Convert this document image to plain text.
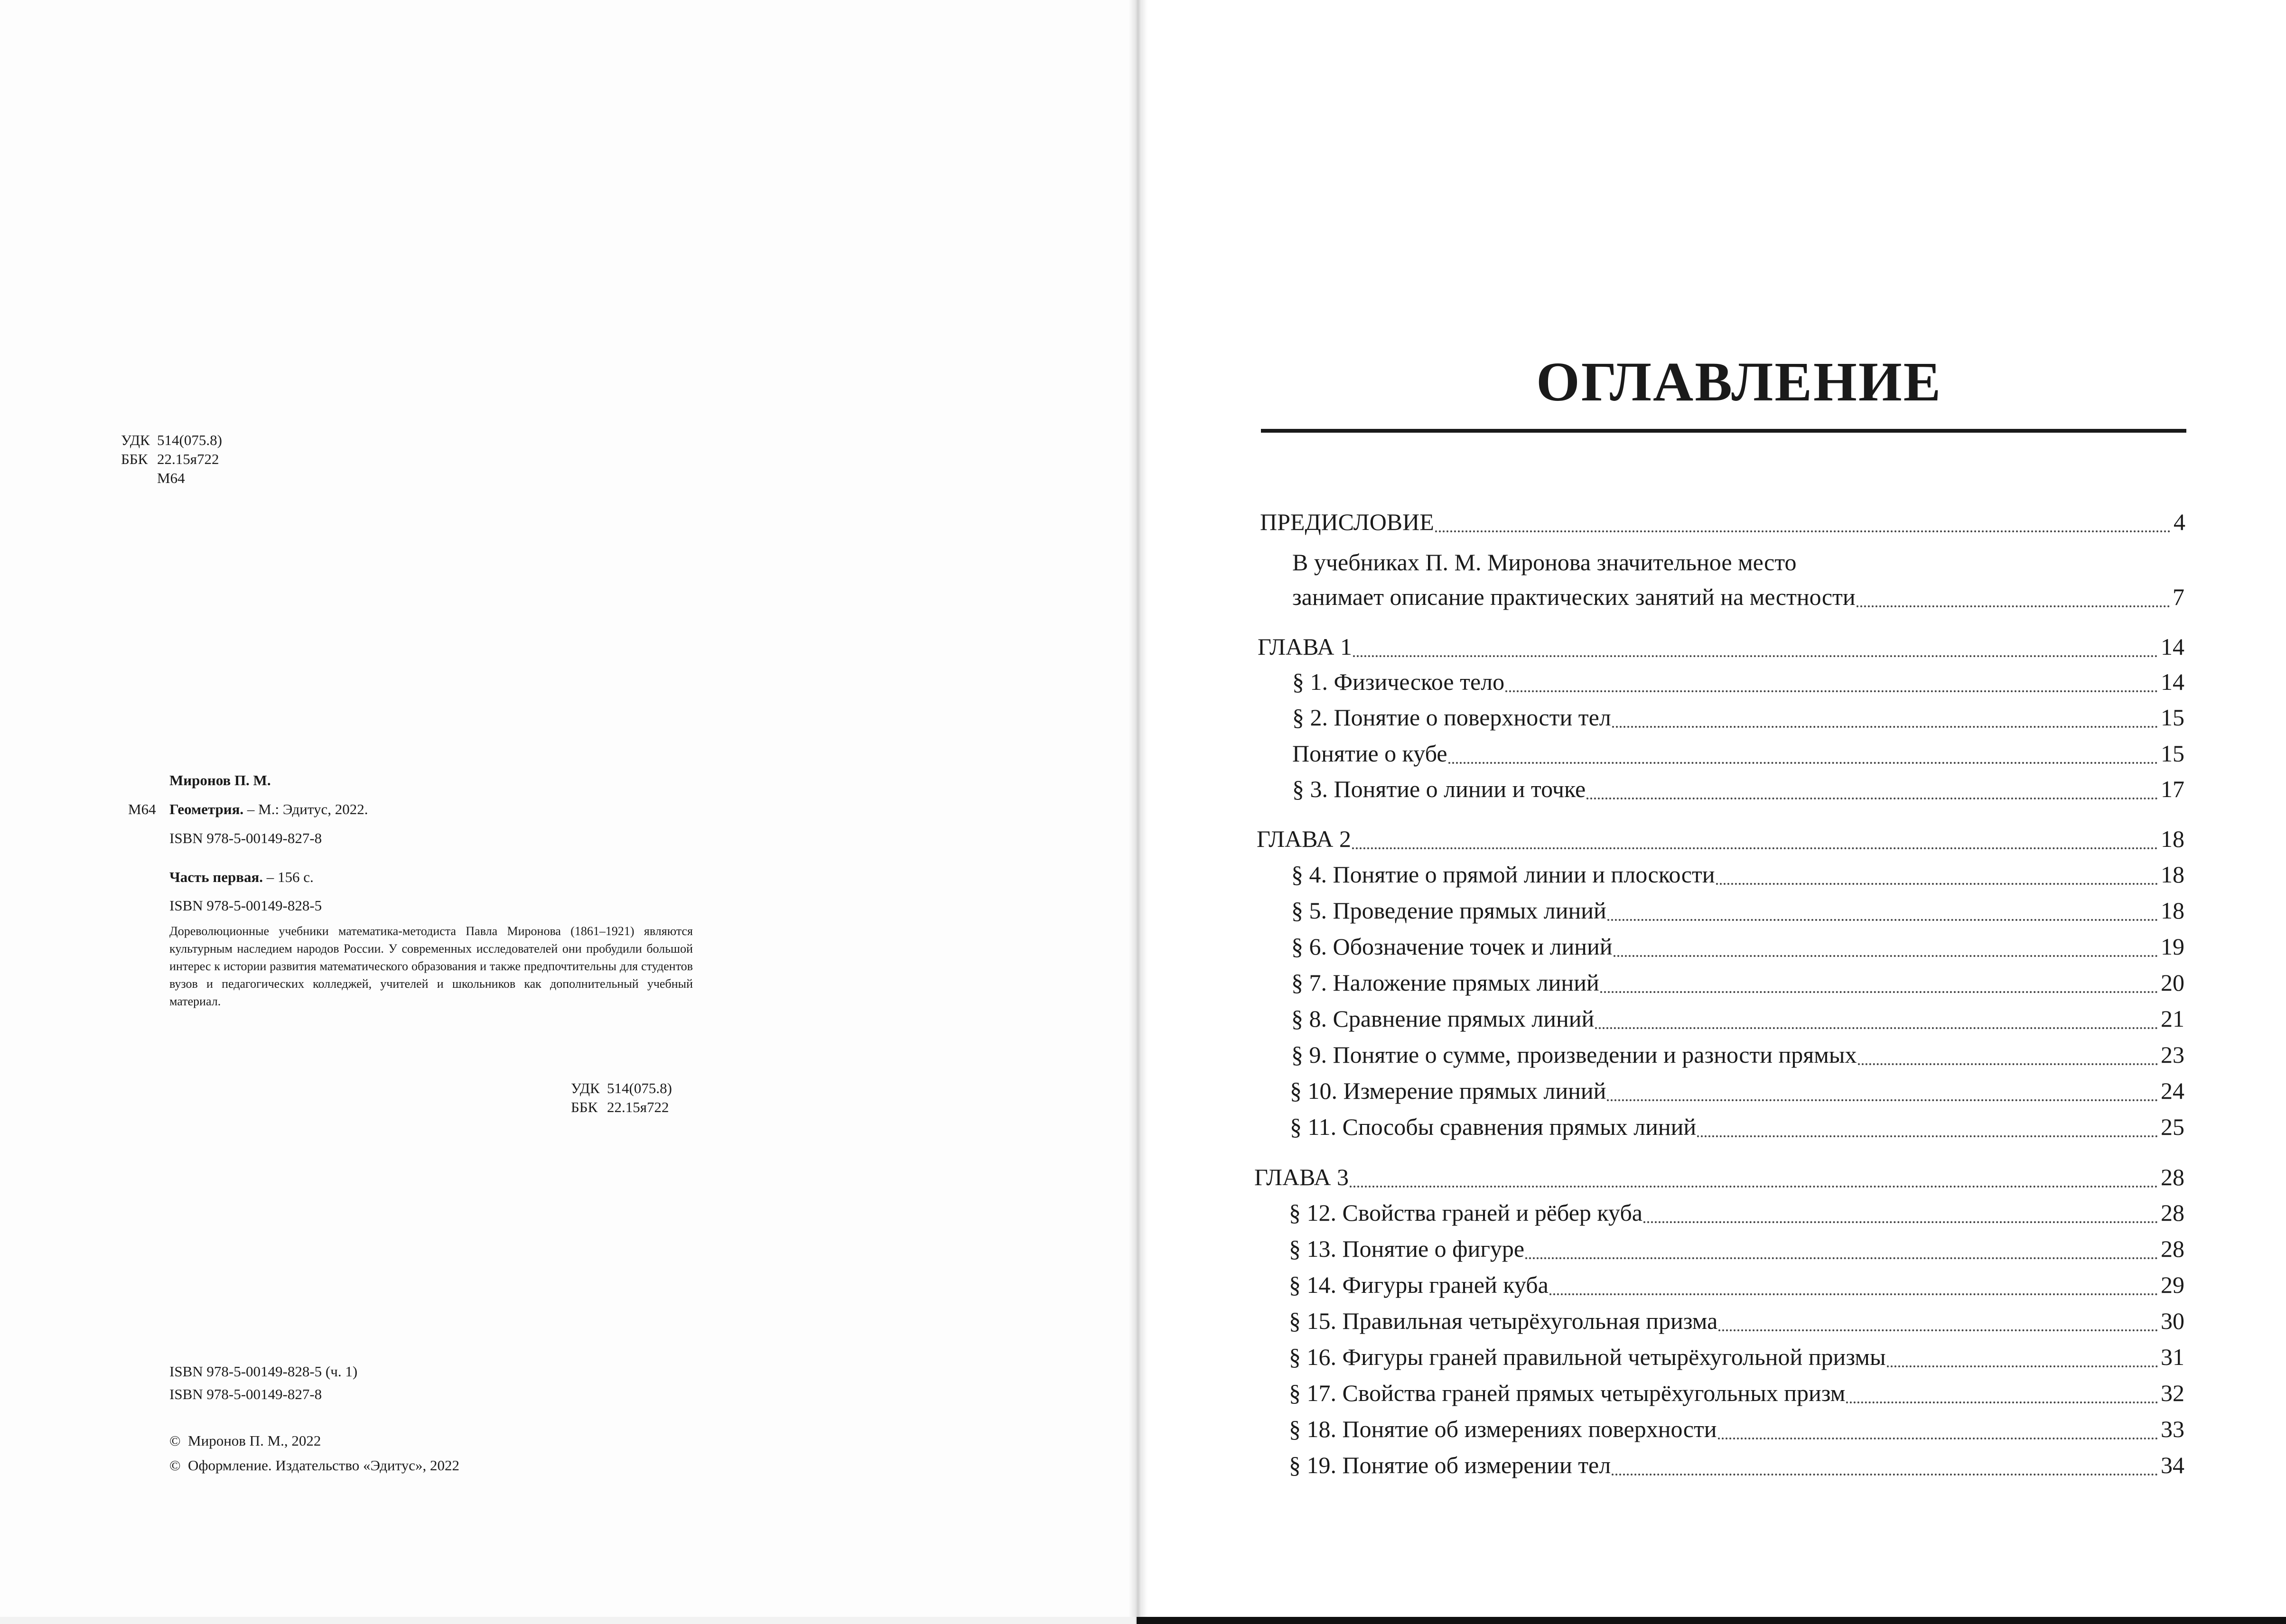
УДК 514(075.8)
ББК 22.15я722
М64
Миронов П. М.
М64 Геометрия. – М.: Эдитус, 2022.
ISBN 978-5-00149-827-8
Часть первая. – 156 с.
ISBN 978-5-00149-828-5
Дореволюционные учебники математика-методиста Павла Миронова (1861–1921) являются культурным наследием народов России. У современных исследователей они пробудили большой интерес к истории развития математического образования и также предпочтительны для студентов вузов и педагогических колледжей, учителей и школьников как дополнительный учебный материал.
УДК 514(075.8)
ББК 22.15я722
ISBN 978-5-00149-828-5 (ч. 1)
ISBN 978-5-00149-827-8
©  Миронов П. М., 2022
©  Оформление. Издательство «Эдитус», 2022
ОГЛАВЛЕНИЕ
ПРЕДИСЛОВИЕ	4
В учебниках П. М. Миронова значительное место
занимает описание практических занятий на местности	7
ГЛАВА 1	14
§ 1. Физическое тело	14
§ 2. Понятие о поверхности тел	15
Понятие о кубе	15
§ 3. Понятие о линии и точке	17
ГЛАВА 2	18
§ 4. Понятие о прямой линии и плоскости	18
§ 5. Проведение прямых линий	18
§ 6. Обозначение точек и линий	19
§ 7. Наложение прямых линий	20
§ 8. Сравнение прямых линий	21
§ 9. Понятие о сумме, произведении и разности прямых	23
§ 10. Измерение прямых линий	24
§ 11. Способы сравнения прямых линий	25
ГЛАВА 3	28
§ 12. Свойства граней и рёбер куба	28
§ 13. Понятие о фигуре	28
§ 14. Фигуры граней куба	29
§ 15. Правильная четырёхугольная призма	30
§ 16. Фигуры граней правильной четырёхугольной призмы	31
§ 17. Свойства граней прямых четырёхугольных призм	32
§ 18. Понятие об измерениях поверхности	33
§ 19. Понятие об измерении тел	34
